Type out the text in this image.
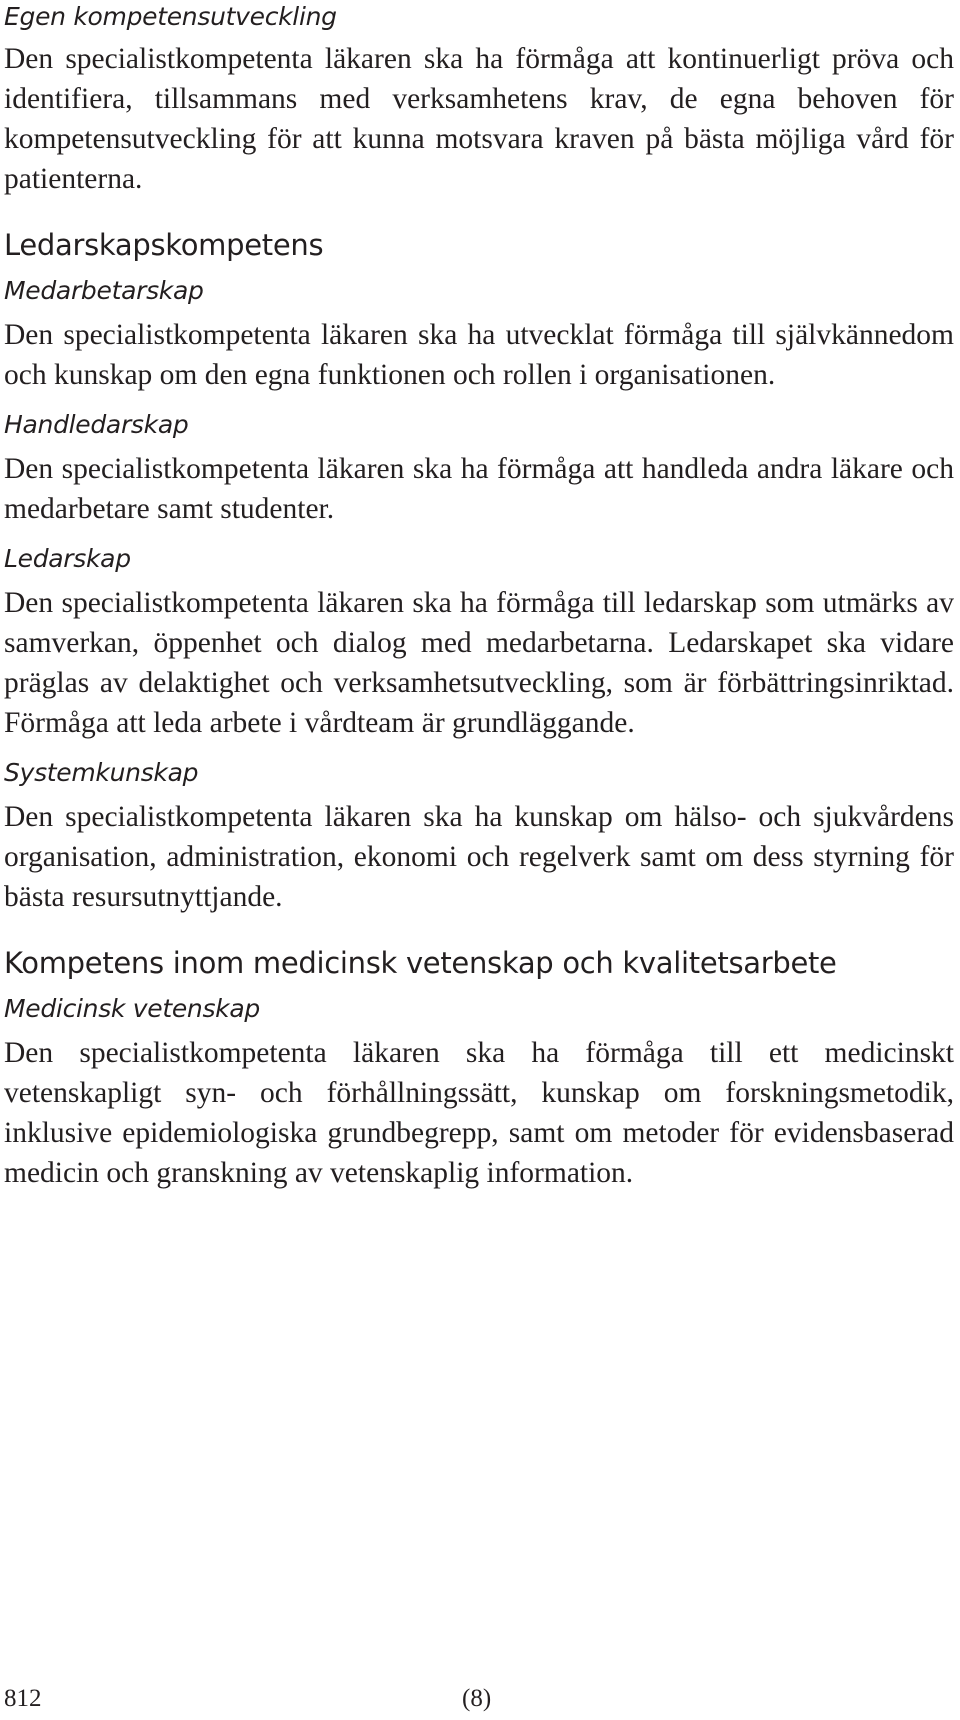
Egen kompetensutveckling

Den specialistkompetenta läkaren ska ha förmåga att kontinuerligt pröva och identifiera, tillsammans med verksamhetens krav, de egna behoven för kompetensutveckling för att kunna motsvara kraven på bästa möjliga vård för patienterna.

Ledarskapskompetens
Medarbetarskap

Den specialistkompetenta läkaren ska ha utvecklat förmåga till självkännedom och kunskap om den egna funktionen och rollen i organisationen.

Handledarskap

Den specialistkompetenta läkaren ska ha förmåga att handleda andra läkare och medarbetare samt studenter.

Ledarskap

Den specialistkompetenta läkaren ska ha förmåga till ledarskap som utmärks av samverkan, öppenhet och dialog med medarbetarna. Ledarskapet ska vidare präglas av delaktighet och verksamhetsutveckling, som är förbättringsinriktad. Förmåga att leda arbete i vårdteam är grundläggande.

Systemkunskap

Den specialistkompetenta läkaren ska ha kunskap om hälso- och sjukvårdens organisation, administration, ekonomi och regelverk samt om dess styrning för bästa resursutnyttjande.

Kompetens inom medicinsk vetenskap och kvalitetsarbete
Medicinsk vetenskap

Den specialistkompetenta läkaren ska ha förmåga till ett medicinskt vetenskapligt syn- och förhållningssätt, kunskap om forskningsmetodik, inklusive epidemiologiska grundbegrepp, samt om metoder för evidensbaserad medicin och granskning av vetenskaplig information.

812	(8)
